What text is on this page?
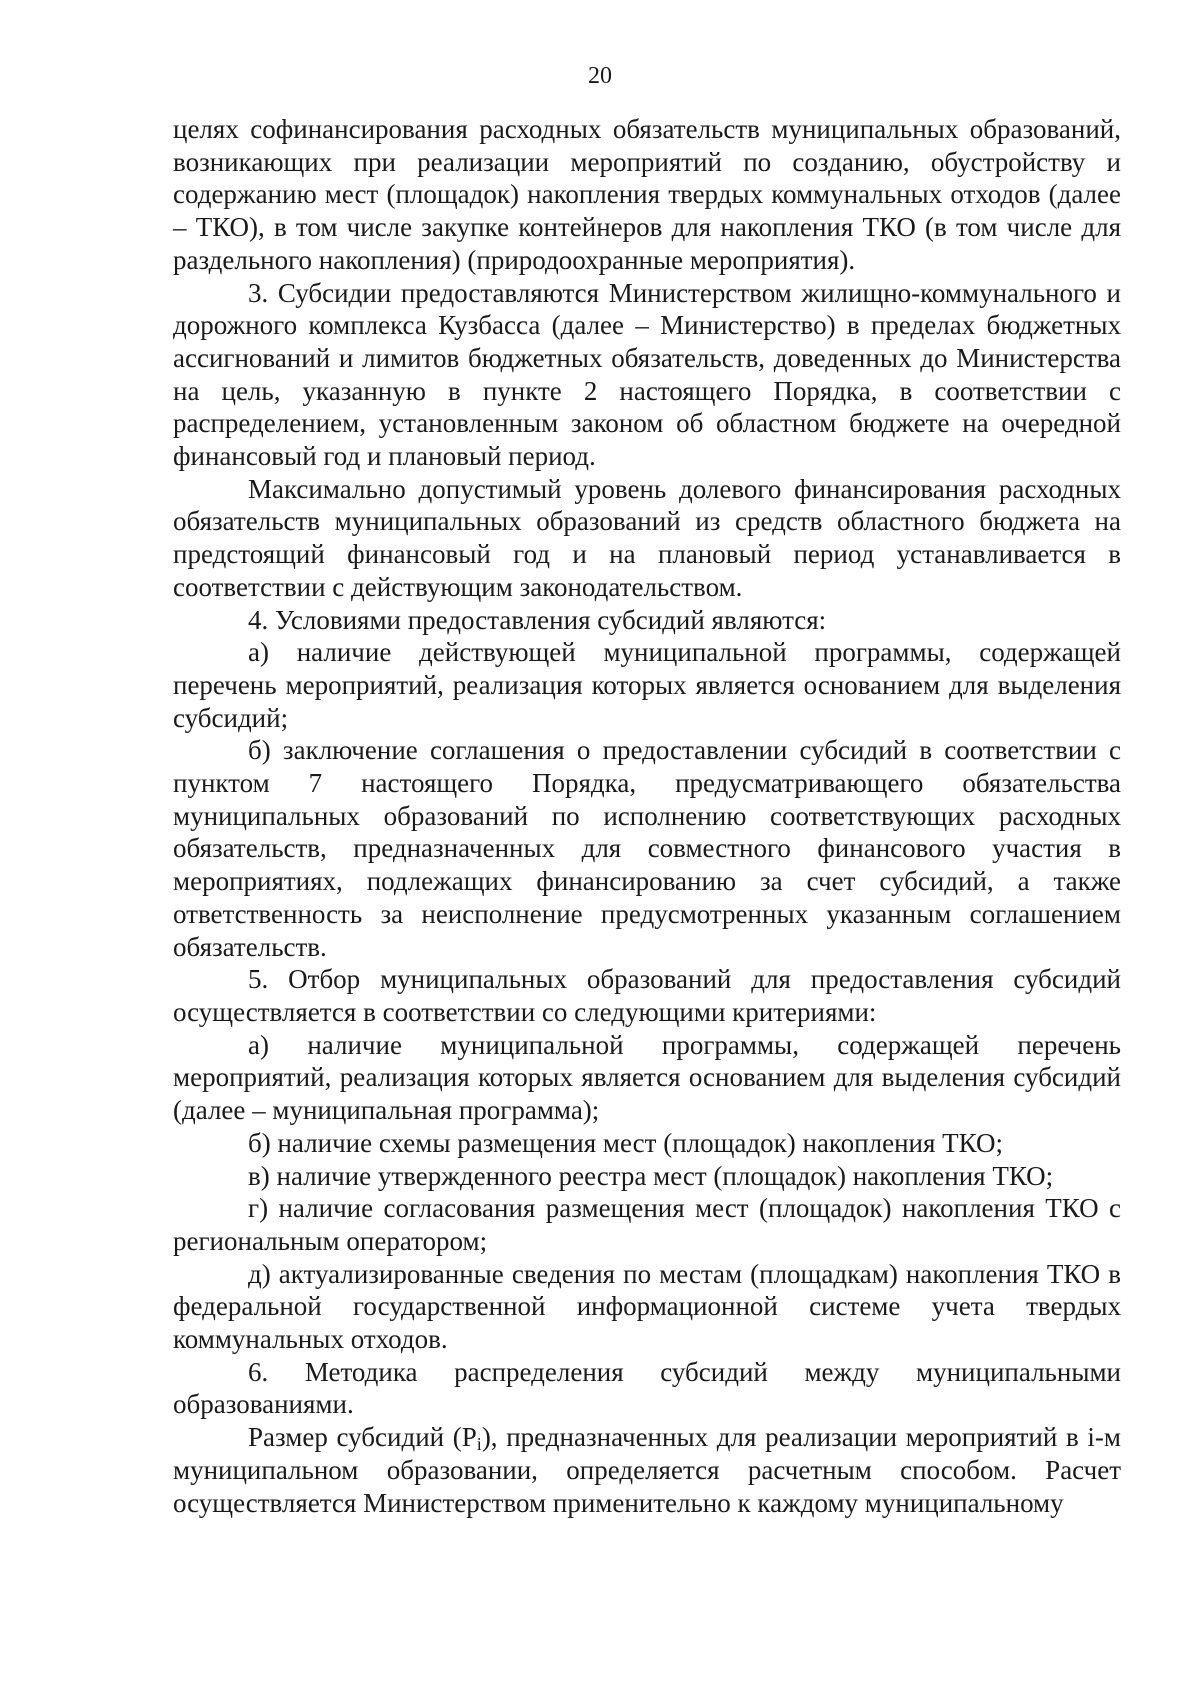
20

целях софинансирования расходных обязательств муниципальных образований, возникающих при реализации мероприятий по созданию, обустройству и содержанию мест (площадок) накопления твердых коммунальных отходов (далее – ТКО), в том числе закупке контейнеров для накопления ТКО (в том числе для раздельного накопления) (природоохранные мероприятия).

3. Субсидии предоставляются Министерством жилищно-коммунального и дорожного комплекса Кузбасса (далее – Министерство) в пределах бюджетных ассигнований и лимитов бюджетных обязательств, доведенных до Министерства на цель, указанную в пункте 2 настоящего Порядка, в соответствии с распределением, установленным законом об областном бюджете на очередной финансовый год и плановый период.

Максимально допустимый уровень долевого финансирования расходных обязательств муниципальных образований из средств областного бюджета на предстоящий финансовый год и на плановый период устанавливается в соответствии с действующим законодательством.

4. Условиями предоставления субсидий являются:

а) наличие действующей муниципальной программы, содержащей перечень мероприятий, реализация которых является основанием для выделения субсидий;

б) заключение соглашения о предоставлении субсидий в соответствии с пунктом 7 настоящего Порядка, предусматривающего обязательства муниципальных образований по исполнению соответствующих расходных обязательств, предназначенных для совместного финансового участия в мероприятиях, подлежащих финансированию за счет субсидий, а также ответственность за неисполнение предусмотренных указанным соглашением обязательств.

5. Отбор муниципальных образований для предоставления субсидий осуществляется в соответствии со следующими критериями:

а) наличие муниципальной программы, содержащей перечень мероприятий, реализация которых является основанием для выделения субсидий (далее – муниципальная программа);

б) наличие схемы размещения мест (площадок) накопления ТКО;

в) наличие утвержденного реестра мест (площадок) накопления ТКО;

г) наличие согласования размещения мест (площадок) накопления ТКО с региональным оператором;

д) актуализированные сведения по местам (площадкам) накопления ТКО в федеральной государственной информационной системе учета твердых коммунальных отходов.

6. Методика распределения субсидий между муниципальными образованиями.

Размер субсидий $(P_i)$, предназначенных для реализации мероприятий в i-м муниципальном образовании, определяется расчетным способом. Расчет осуществляется Министерством применительно к каждому муниципальному
